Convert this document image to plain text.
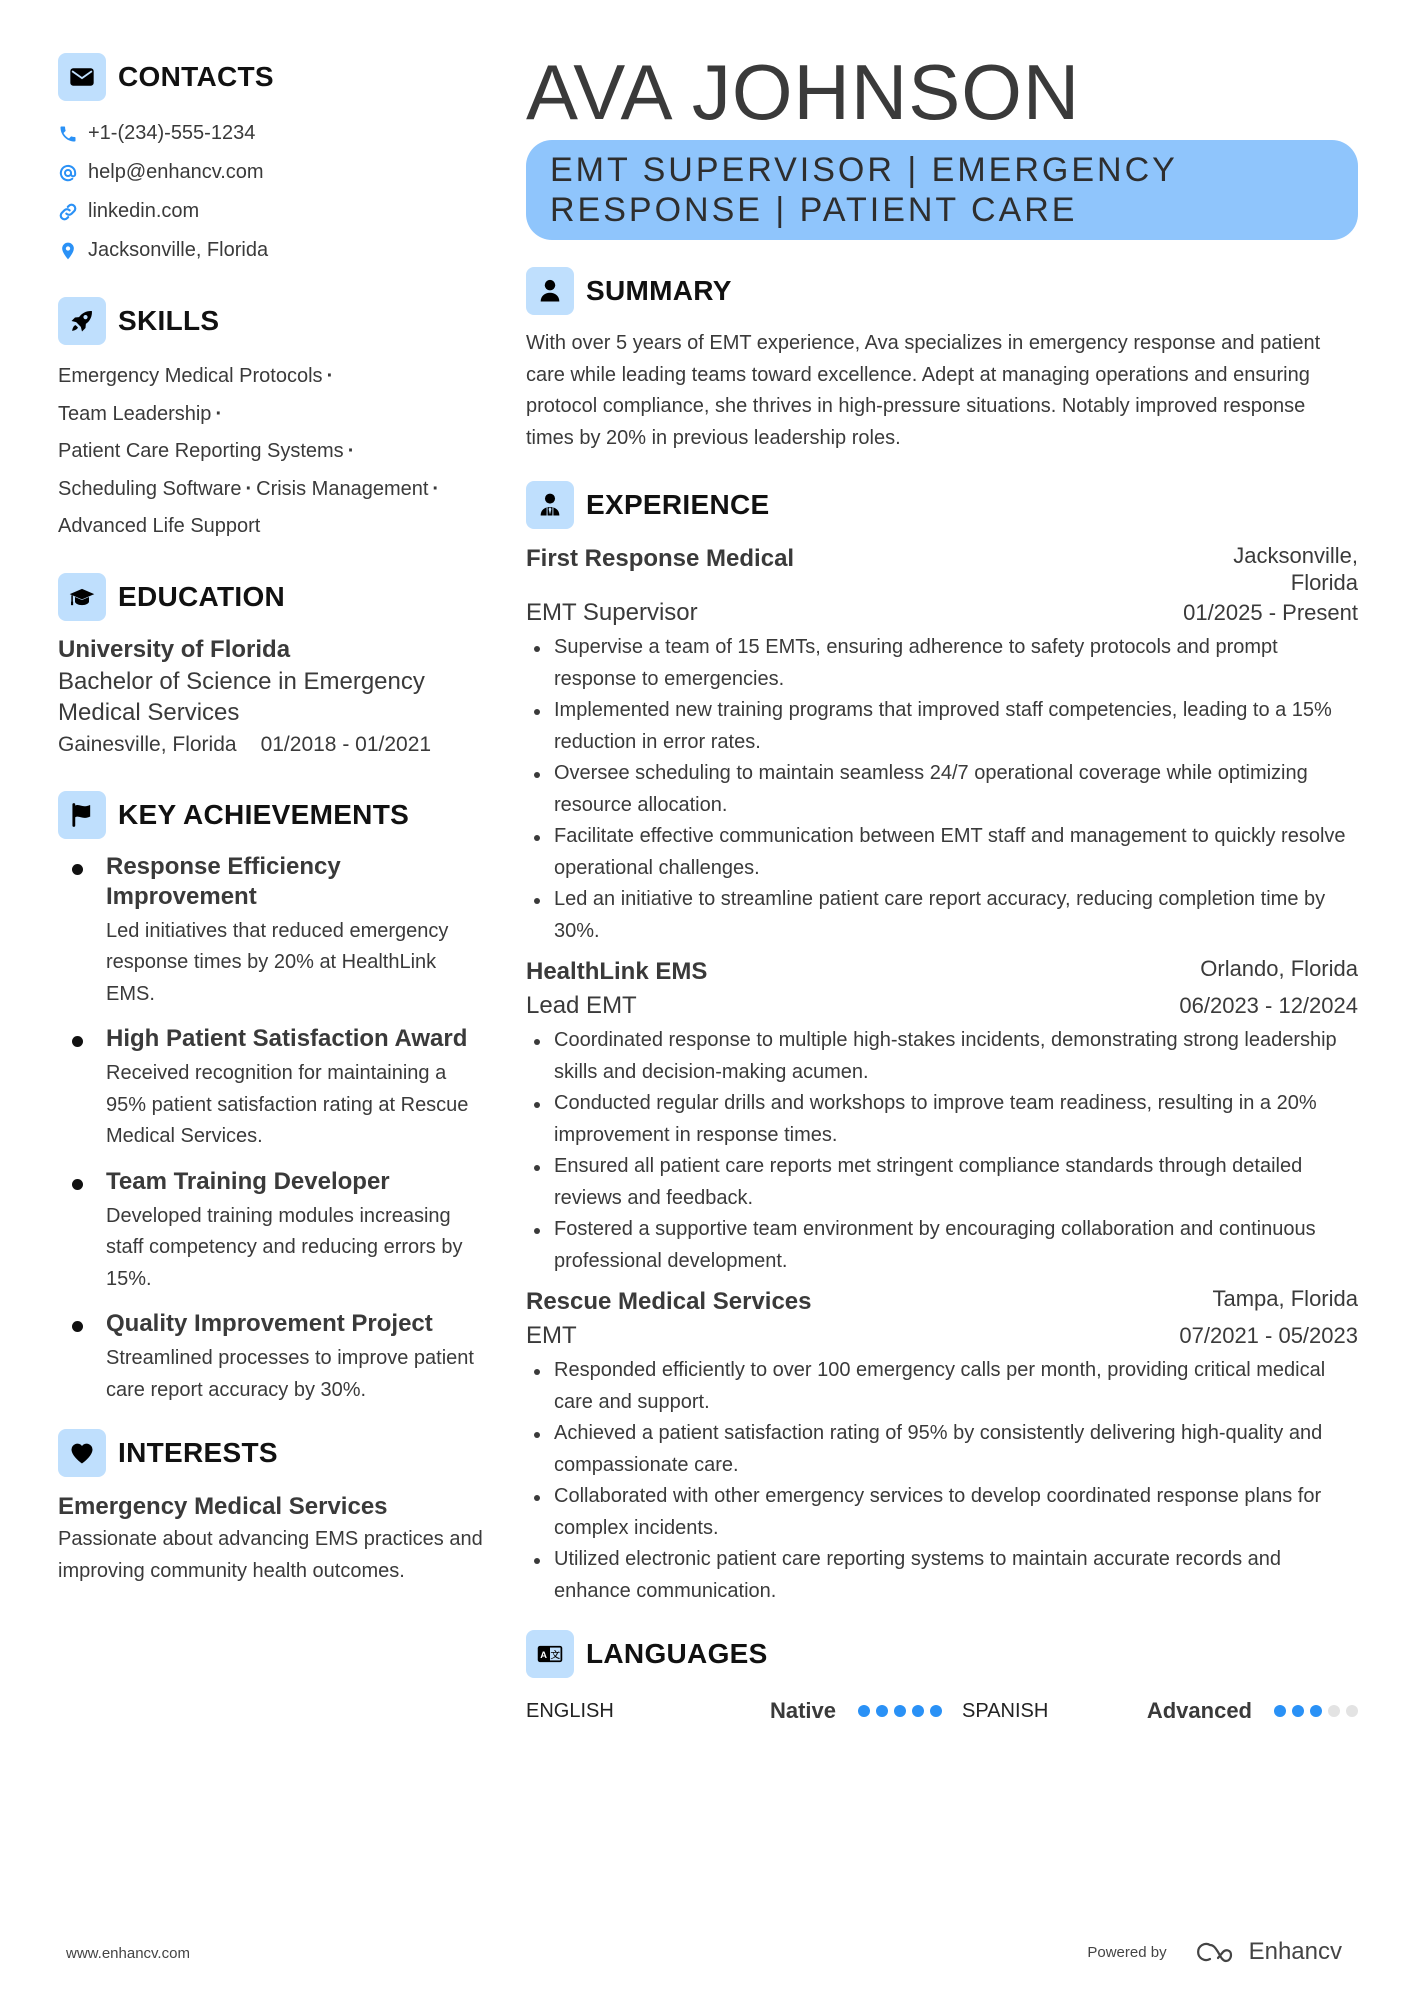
CONTACTS
+1-(234)-555-1234
help@enhancv.com
linkedin.com
Jacksonville, Florida
SKILLS
Emergency Medical Protocols ·
Team Leadership ·
Patient Care Reporting Systems ·
Scheduling Software · Crisis Management ·
Advanced Life Support
EDUCATION
University of Florida
Bachelor of Science in Emergency Medical Services
Gainesville, Florida 01/2018 - 01/2021
KEY ACHIEVEMENTS
Response Efficiency Improvement
Led initiatives that reduced emergency response times by 20% at HealthLink EMS.
High Patient Satisfaction Award
Received recognition for maintaining a 95% patient satisfaction rating at Rescue Medical Services.
Team Training Developer
Developed training modules increasing staff competency and reducing errors by 15%.
Quality Improvement Project
Streamlined processes to improve patient care report accuracy by 30%.
INTERESTS
Emergency Medical Services
Passionate about advancing EMS practices and improving community health outcomes.
AVA JOHNSON
EMT SUPERVISOR | EMERGENCY
RESPONSE | PATIENT CARE
SUMMARY

With over 5 years of EMT experience, Ava specializes in emergency response and patient care while leading teams toward excellence. Adept at managing operations and ensuring protocol compliance, she thrives in high-pressure situations. Notably improved response times by 20% in previous leadership roles.

EXPERIENCE
First Response Medical	Jacksonville, Florida
EMT Supervisor	01/2025 - Present
Supervise a team of 15 EMTs, ensuring adherence to safety protocols and prompt response to emergencies.
Implemented new training programs that improved staff competencies, leading to a 15% reduction in error rates.
Oversee scheduling to maintain seamless 24/7 operational coverage while optimizing resource allocation.
Facilitate effective communication between EMT staff and management to quickly resolve operational challenges.
Led an initiative to streamline patient care report accuracy, reducing completion time by 30%.
HealthLink EMS	Orlando, Florida
Lead EMT	06/2023 - 12/2024
Coordinated response to multiple high-stakes incidents, demonstrating strong leadership skills and decision-making acumen.
Conducted regular drills and workshops to improve team readiness, resulting in a 20% improvement in response times.
Ensured all patient care reports met stringent compliance standards through detailed reviews and feedback.
Fostered a supportive team environment by encouraging collaboration and continuous professional development.
Rescue Medical Services	Tampa, Florida
EMT	07/2021 - 05/2023
Responded efficiently to over 100 emergency calls per month, providing critical medical care and support.
Achieved a patient satisfaction rating of 95% by consistently delivering high-quality and compassionate care.
Collaborated with other emergency services to develop coordinated response plans for complex incidents.
Utilized electronic patient care reporting systems to maintain accurate records and enhance communication.
A 文 LANGUAGES
ENGLISH	Native	SPANISH	Advanced
www.enhancv.com	Powered by	Enhancv
